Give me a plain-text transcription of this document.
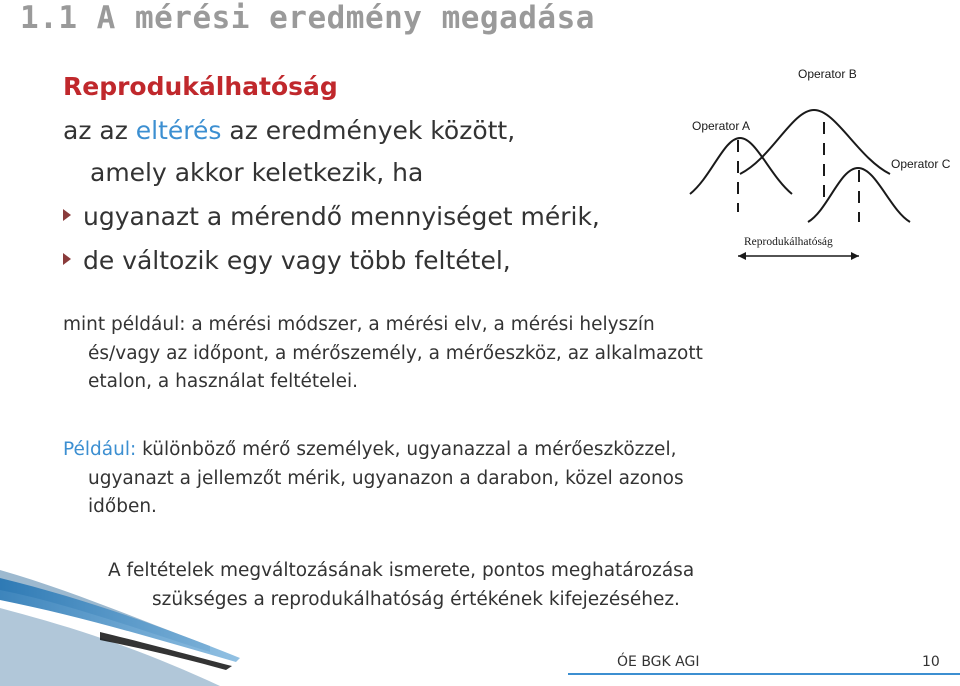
1.1 A mérési eredmény megadása
Reprodukálhatóság
az az eltérés az eredmények között,
amely akkor keletkezik, ha
ugyanazt a mérendő mennyiséget mérik,
de változik egy vagy több feltétel,
Operator B
Operator A
Operator C
Reprodukálhatóság
mint például: a mérési módszer, a mérési elv, a mérési helyszín
és/vagy az időpont, a mérőszemély, a mérőeszköz, az alkalmazott
etalon, a használat feltételei.
Például: különböző mérő személyek, ugyanazzal a mérőeszközzel,
ugyanazt a jellemzőt mérik, ugyanazon a darabon, közel azonos
időben.
A feltételek megváltozásának ismerete, pontos meghatározása
szükséges a reprodukálhatóság értékének kifejezéséhez.
ÓE BGK AGI	10
